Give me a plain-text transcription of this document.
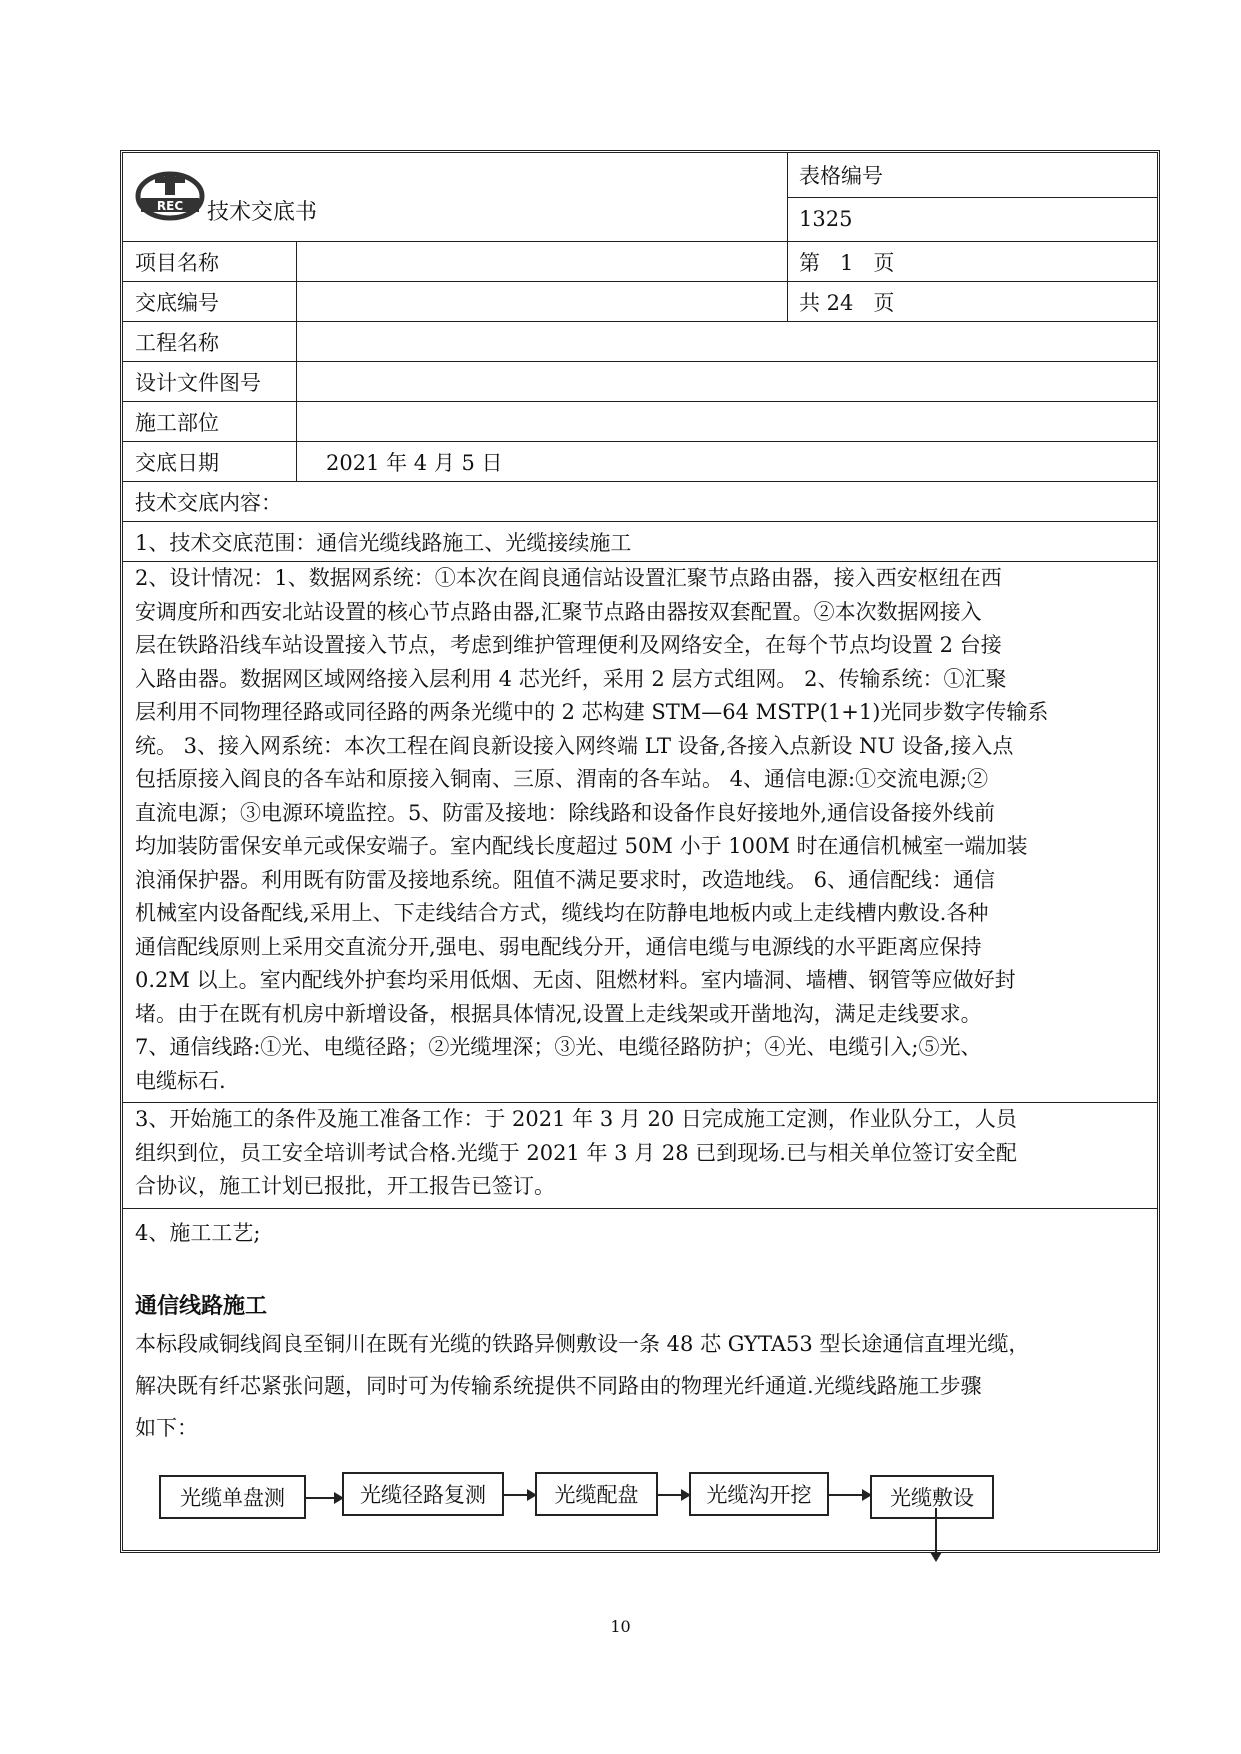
REC 技术交底书
表格编号
1325
项目名称	第   1   页
交底编号	共 24   页
工程名称
设计文件图号
施工部位
交底日期	2021 年 4 月 5 日
技术交底内容：
1、技术交底范围：通信光缆线路施工、光缆接续施工
2、设计情况：1、数据网系统：①本次在阎良通信站设置汇聚节点路由器，接入西安枢纽在西
安调度所和西安北站设置的核心节点路由器,汇聚节点路由器按双套配置。②本次数据网接入
层在铁路沿线车站设置接入节点，考虑到维护管理便利及网络安全，在每个节点均设置 2 台接
入路由器。数据网区域网络接入层利用 4 芯光纤，采用 2 层方式组网。 2、传输系统：①汇聚
层利用不同物理径路或同径路的两条光缆中的 2 芯构建 STM—64 MSTP(1+1)光同步数字传输系
统。 3、接入网系统：本次工程在阎良新设接入网终端 LT 设备,各接入点新设 NU 设备,接入点
包括原接入阎良的各车站和原接入铜南、三原、渭南的各车站。 4、通信电源:①交流电源;②
直流电源；③电源环境监控。5、防雷及接地：除线路和设备作良好接地外,通信设备接外线前
均加装防雷保安单元或保安端子。室内配线长度超过 50M 小于 100M 时在通信机械室一端加装
浪涌保护器。利用既有防雷及接地系统。阻值不满足要求时，改造地线。 6、通信配线：通信
机械室内设备配线,采用上、下走线结合方式，缆线均在防静电地板内或上走线槽内敷设.各种
通信配线原则上采用交直流分开,强电、弱电配线分开，通信电缆与电源线的水平距离应保持
0.2M 以上。室内配线外护套均采用低烟、无卤、阻燃材料。室内墙洞、墙槽、钢管等应做好封
堵。由于在既有机房中新增设备，根据具体情况,设置上走线架或开凿地沟，满足走线要求。
7、通信线路:①光、电缆径路；②光缆埋深；③光、电缆径路防护；④光、电缆引入;⑤光、
电缆标石.
3、开始施工的条件及施工准备工作：于 2021 年 3 月 20 日完成施工定测，作业队分工，人员
组织到位，员工安全培训考试合格.光缆于 2021 年 3 月 28 已到现场.已与相关单位签订安全配
合协议，施工计划已报批，开工报告已签订。
4、施工工艺;
通信线路施工
本标段咸铜线阎良至铜川在既有光缆的铁路异侧敷设一条 48 芯 GYTA53 型长途通信直埋光缆，
解决既有纤芯紧张问题，同时可为传输系统提供不同路由的物理光纤通道.光缆线路施工步骤
如下：
光缆单盘测	光缆径路复测	光缆配盘	光缆沟开挖	光缆敷设
10
